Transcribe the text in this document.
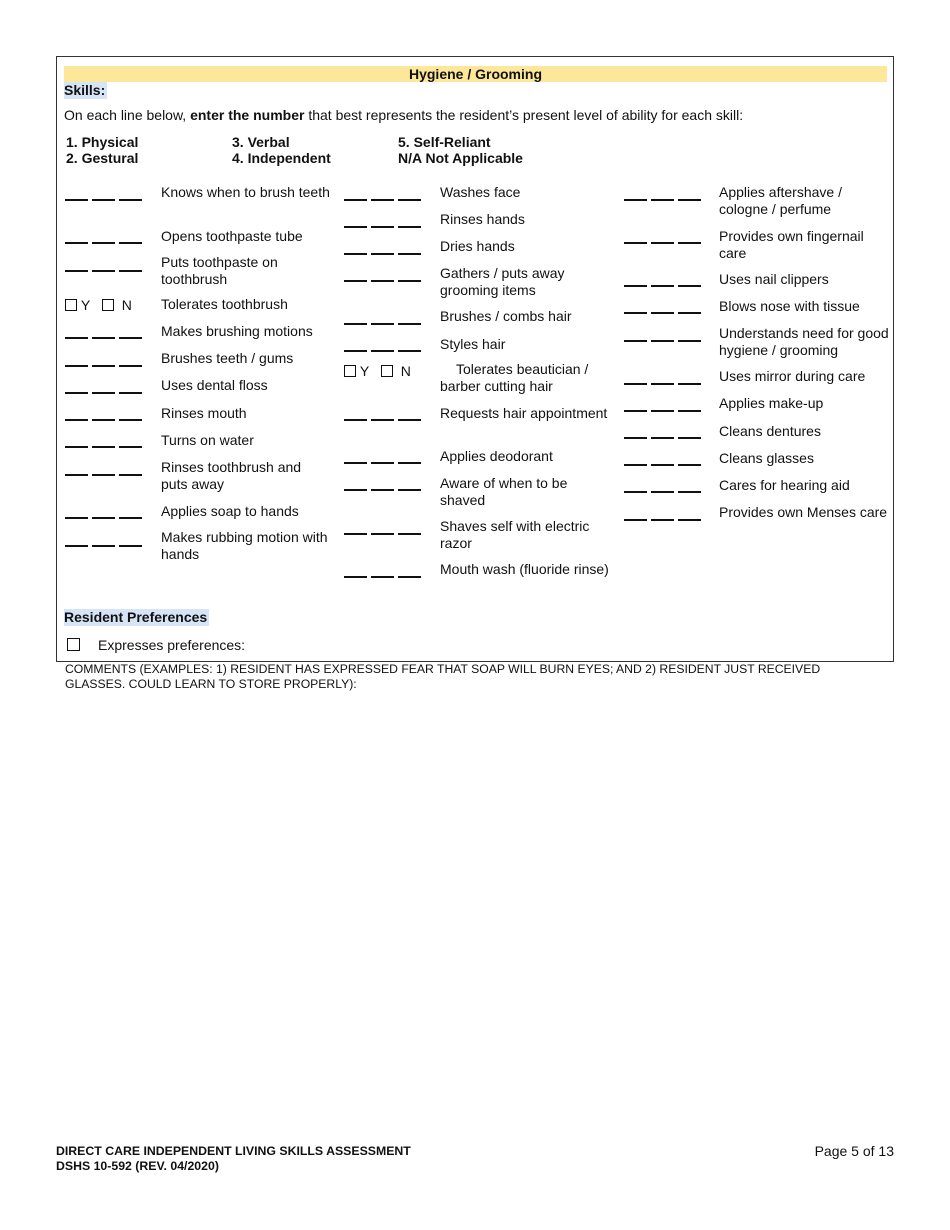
Hygiene / Grooming
Skills:
On each line below, enter the number that best represents the resident’s present level of ability for each skill:
1. Physical
2. Gestural
3. Verbal
4. Independent
5. Self-Reliant
N/A Not Applicable
Resident Preferences
Expresses preferences:
Knows when to brush teeth
Opens toothpaste tube
Puts toothpaste on toothbrush
Y N Tolerates toothbrush
Makes brushing motions
Brushes teeth / gums
Uses dental floss
Rinses mouth
Turns on water
Rinses toothbrush and puts away
Applies soap to hands
Makes rubbing motion with hands
Washes face
Rinses hands
Dries hands
Gathers / puts away grooming items
Brushes / combs hair
Styles hair
Y N	Tolerates beautician / barber cutting hair
Requests hair appointment
Applies deodorant
Aware of when to be shaved
Shaves self with electric razor
Mouth wash (fluoride rinse)
Applies aftershave / cologne / perfume
Provides own fingernail care
Uses nail clippers
Blows nose with tissue
Understands need for good hygiene / grooming
Uses mirror during care
Applies make-up
Cleans dentures
Cleans glasses
Cares for hearing aid
Provides own Menses care
COMMENTS (EXAMPLES: 1) RESIDENT HAS EXPRESSED FEAR THAT SOAP WILL BURN EYES; AND 2) RESIDENT JUST RECEIVED GLASSES. COULD LEARN TO STORE PROPERLY):
DIRECT CARE INDEPENDENT LIVING SKILLS ASSESSMENT
DSHS 10-592 (REV. 04/2020)
Page 5 of 13
